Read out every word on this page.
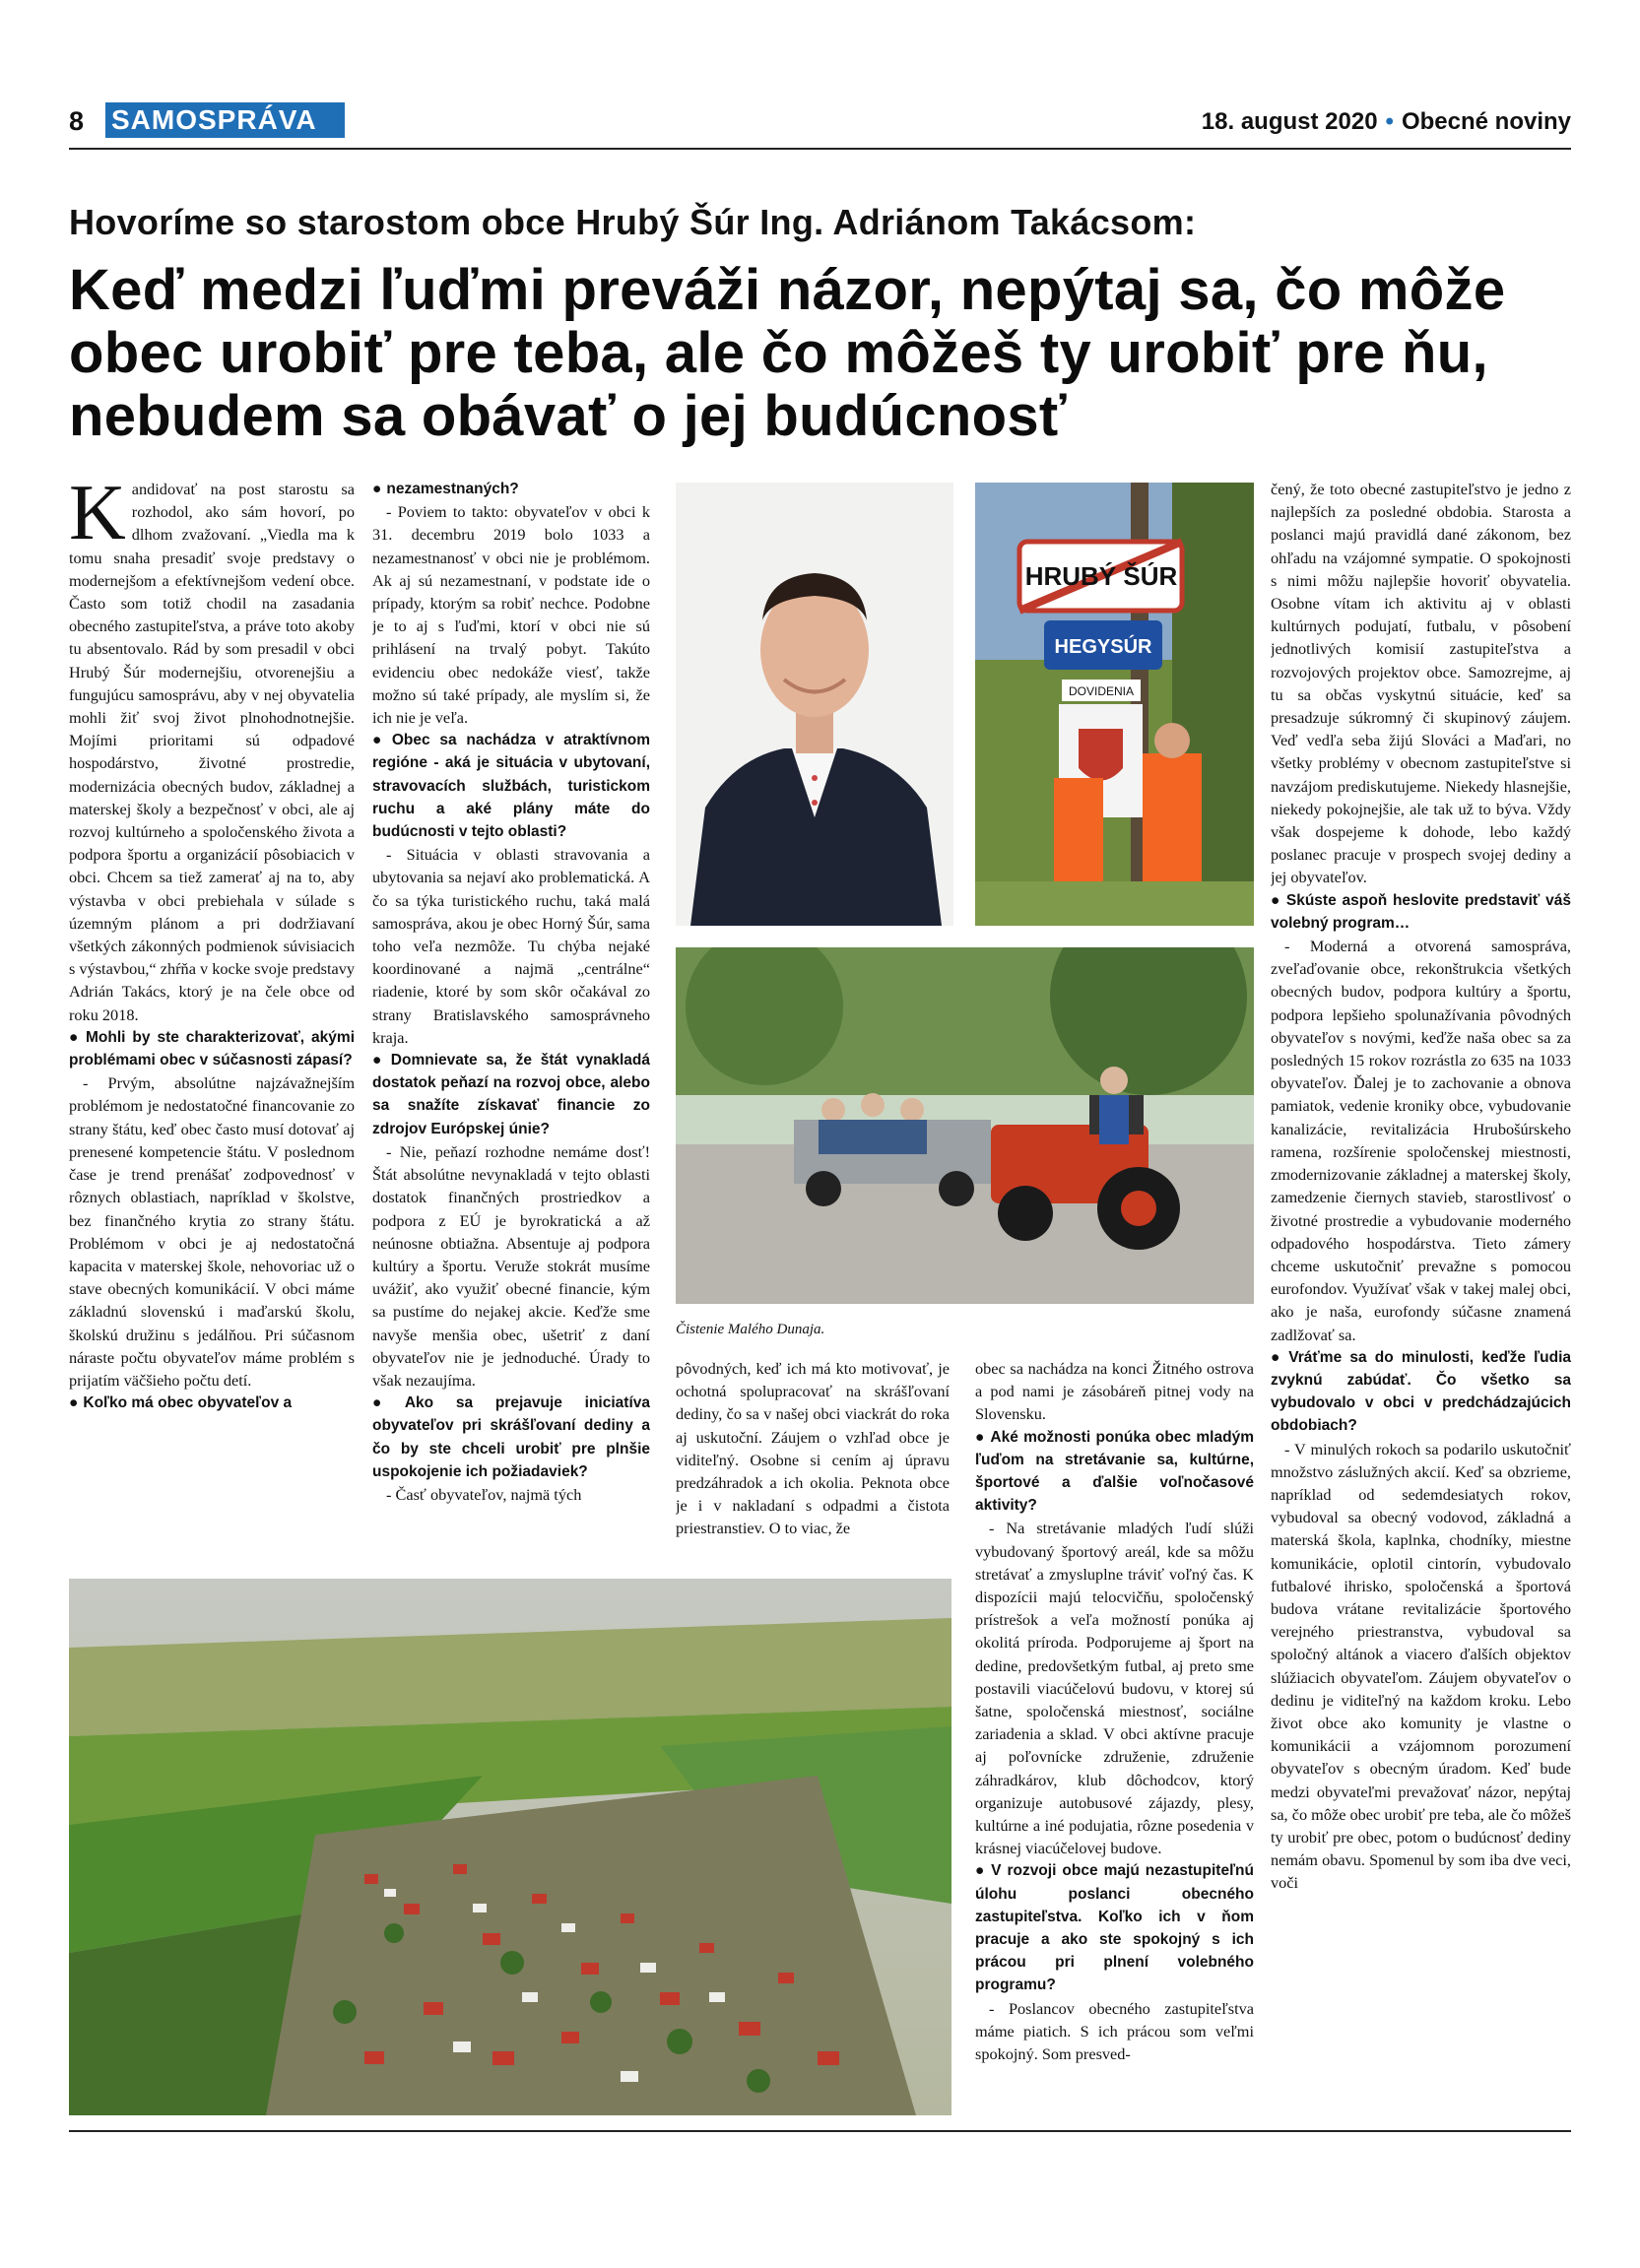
8 SAMOSPRÁVA	18. august 2020 • Obecné noviny
Hovoríme so starostom obce Hrubý Šúr Ing. Adriánom Takácsom:
Keď medzi ľuďmi preváži názor, nepýtaj sa, čo môže obec urobiť pre teba, ale čo môžeš ty urobiť pre ňu, nebudem sa obávať o jej budúcnosť

Kandidovať na post starostu sa rozhodol, ako sám hovorí, po dlhom zvažovaní. „Viedla ma k tomu snaha presadiť svoje predstavy o modernejšom a efektívnejšom vedení obce. Často som totiž chodil na zasadania obecného zastupiteľstva, a práve toto akoby tu absentovalo. Rád by som presadil v obci Hrubý Šúr modernejšiu, otvorenejšiu a fungujúcu samosprávu, aby v nej obyvatelia mohli žiť svoj život plnohodnotnejšie. Mojími prioritami sú odpadové hospodárstvo, životné prostredie, modernizácia obecných budov, základnej a materskej školy a bezpečnosť v obci, ale aj rozvoj kultúrneho a spoločenského života a podpora športu a organizácií pôsobiacich v obci. Chcem sa tiež zamerať aj na to, aby výstavba v obci prebiehala v súlade s územným plánom a pri dodržiavaní všetkých zákonných podmienok súvisiacich s výstavbou,“ zhŕňa v kocke svoje predstavy Adrián Takács, ktorý je na čele obce od roku 2018.

● Mohli by ste charakterizovať, akými problémami obec v súčasnosti zápasí?

- Prvým, absolútne najzávažnejším problémom je nedostatočné financovanie zo strany štátu, keď obec často musí dotovať aj prenesené kompetencie štátu. V poslednom čase je trend prenášať zodpovednosť v rôznych oblastiach, napríklad v školstve, bez finančného krytia zo strany štátu. Problémom v obci je aj nedostatočná kapacita v materskej škole, nehovoriac už o stave obecných komunikácií. V obci máme základnú slovenskú i maďarskú školu, školskú družinu s jedálňou. Pri súčasnom náraste počtu obyvateľov máme problém s prijatím väčšieho počtu detí.

● Koľko má obec obyvateľov a

● nezamestnaných?

- Poviem to takto: obyvateľov v obci k 31. decembru 2019 bolo 1033 a nezamestnanosť v obci nie je problémom. Ak aj sú nezamestnaní, v podstate ide o prípady, ktorým sa robiť nechce. Podobne je to aj s ľuďmi, ktorí v obci nie sú prihlásení na trvalý pobyt. Takúto evidenciu obec nedokáže viesť, takže možno sú také prípady, ale myslím si, že ich nie je veľa.

● Obec sa nachádza v atraktívnom regióne - aká je situácia v ubytovaní, stravovacích službách, turistickom ruchu a aké plány máte do budúcnosti v tejto oblasti?

- Situácia v oblasti stravovania a ubytovania sa nejaví ako problematická. A čo sa týka turistického ruchu, taká malá samospráva, akou je obec Horný Šúr, sama toho veľa nezmôže. Tu chýba nejaké koordinované a najmä „centrálne“ riadenie, ktoré by som skôr očakával zo strany Bratislavského samosprávneho kraja.

● Domnievate sa, že štát vynakladá dostatok peňazí na rozvoj obce, alebo sa snažíte získavať financie zo zdrojov Európskej únie?

- Nie, peňazí rozhodne nemáme dosť! Štát absolútne nevynakladá v tejto oblasti dostatok finančných prostriedkov a podpora z EÚ je byrokratická a až neúnosne obtiažna. Absentuje aj podpora kultúry a športu. Veruže stokrát musíme uvážiť, ako využiť obecné financie, kým sa pustíme do nejakej akcie. Keďže sme navyše menšia obec, ušetriť z daní obyvateľov nie je jednoduché. Úrady to však nezaujíma.

● Ako sa prejavuje iniciatíva obyvateľov pri skrášľovaní dediny a čo by ste chceli urobiť pre plnšie uspokojenie ich požiadaviek?

- Časť obyvateľov, najmä tých

HRUBÝ ŠÚR
HEGYSÚR
DOVIDENIA
Čistenie Malého Dunaja.

pôvodných, keď ich má kto motivovať, je ochotná spolupracovať na skrášľovaní dediny, čo sa v našej obci viackrát do roka aj uskutoční. Záujem o vzhľad obce je viditeľný. Osobne si cením aj úpravu predzáhradok a ich okolia. Peknota obce je i v nakladaní s odpadmi a čistota priestranstiev. O to viac, že

obec sa nachádza na konci Žitného ostrova a pod nami je zásobáreň pitnej vody na Slovensku.

● Aké možnosti ponúka obec mladým ľuďom na stretávanie sa, kultúrne, športové a ďalšie voľnočasové aktivity?

- Na stretávanie mladých ľudí slúži vybudovaný športový areál, kde sa môžu stretávať a zmysluplne tráviť voľný čas. K dispozícii majú telocvičňu, spoločenský prístrešok a veľa možností ponúka aj okolitá príroda. Podporujeme aj šport na dedine, predovšetkým futbal, aj preto sme postavili viacúčelovú budovu, v ktorej sú šatne, spoločenská miestnosť, sociálne zariadenia a sklad. V obci aktívne pracuje aj poľovnícke združenie, združenie záhradkárov, klub dôchodcov, ktorý organizuje autobusové zájazdy, plesy, kultúrne a iné podujatia, rôzne posedenia v krásnej viacúčelovej budove.

● V rozvoji obce majú nezastupiteľnú úlohu poslanci obecného zastupiteľstva. Koľko ich v ňom pracuje a ako ste spokojný s ich prácou pri plnení volebného programu?

- Poslancov obecného zastupiteľstva máme piatich. S ich prácou som veľmi spokojný. Som presved-

čený, že toto obecné zastupiteľstvo je jedno z najlepších za posledné obdobia. Starosta a poslanci majú pravidlá dané zákonom, bez ohľadu na vzájomné sympatie. O spokojnosti s nimi môžu najlepšie hovoriť obyvatelia. Osobne vítam ich aktivitu aj v oblasti kultúrnych podujatí, futbalu, v pôsobení jednotlivých komisií zastupiteľstva a rozvojových projektov obce. Samozrejme, aj tu sa občas vyskytnú situácie, keď sa presadzuje súkromný či skupinový záujem. Veď vedľa seba žijú Slováci a Maďari, no všetky problémy v obecnom zastupiteľstve si navzájom prediskutujeme. Niekedy hlasnejšie, niekedy pokojnejšie, ale tak už to býva. Vždy však dospejeme k dohode, lebo každý poslanec pracuje v prospech svojej dediny a jej obyvateľov.

● Skúste aspoň heslovite predstaviť váš volebný program…

- Moderná a otvorená samospráva, zveľaďovanie obce, rekonštrukcia všetkých obecných budov, podpora kultúry a športu, podpora lepšieho spolunažívania pôvodných obyvateľov s novými, keďže naša obec sa za posledných 15 rokov rozrástla zo 635 na 1033 obyvateľov. Ďalej je to zachovanie a obnova pamiatok, vedenie kroniky obce, vybudovanie kanalizácie, revitalizácia Hrubošúrskeho ramena, rozšírenie spoločenskej miestnosti, zmodernizovanie základnej a materskej školy, zamedzenie čiernych stavieb, starostlivosť o životné prostredie a vybudovanie moderného odpadového hospodárstva. Tieto zámery chceme uskutočniť prevažne s pomocou eurofondov. Využívať však v takej malej obci, ako je naša, eurofondy súčasne znamená zadlžovať sa.

● Vráťme sa do minulosti, keďže ľudia zvyknú zabúdať. Čo všetko sa vybudovalo v obci v predchádzajúcich obdobiach?

- V minulých rokoch sa podarilo uskutočniť množstvo záslužných akcií. Keď sa obzrieme, napríklad od sedemdesiatych rokov, vybudoval sa obecný vodovod, základná a materská škola, kaplnka, chodníky, miestne komunikácie, oplotil cintorín, vybudovalo futbalové ihrisko, spoločenská a športová budova vrátane revitalizácie športového verejného priestranstva, vybudoval sa spoločný altánok a viacero ďalších objektov slúžiacich obyvateľom. Záujem obyvateľov o dedinu je viditeľný na každom kroku. Lebo život obce ako komunity je vlastne o komunikácii a vzájomnom porozumení obyvateľov s obecným úradom. Keď bude medzi obyvateľmi prevažovať názor, nepýtaj sa, čo môže obec urobiť pre teba, ale čo môžeš ty urobiť pre obec, potom o budúcnosť dediny nemám obavu. Spomenul by som iba dve veci, voči
